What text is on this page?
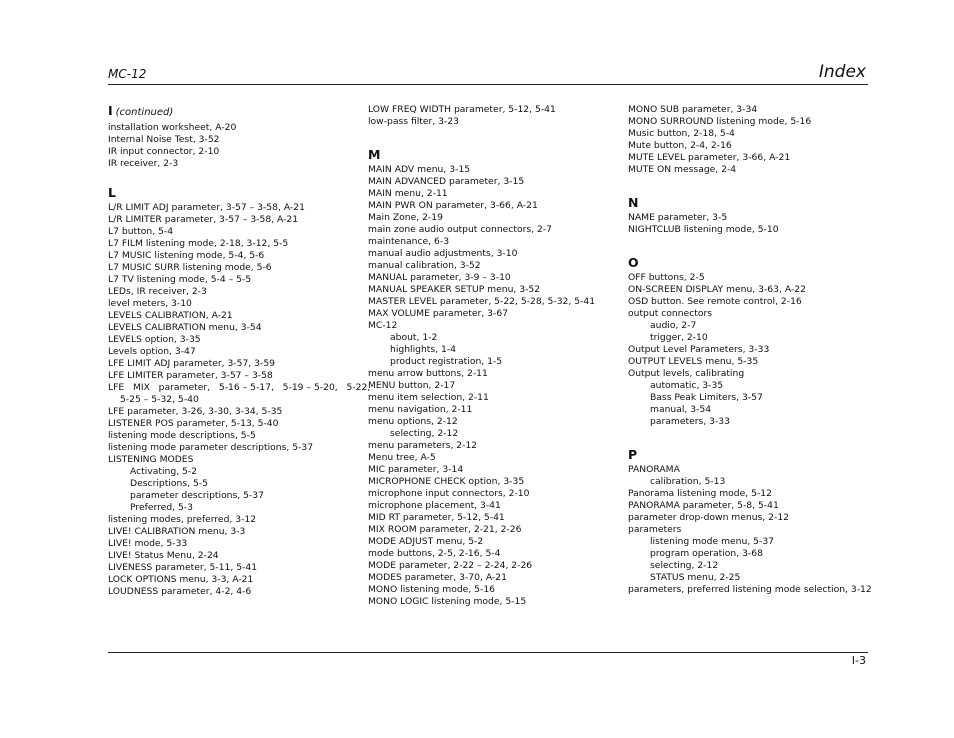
MC-12	Index
I (continued)
installation worksheet, A-20
Internal Noise Test, 3-52
IR input connector, 2-10
IR receiver, 2-3
L
L/R LIMIT ADJ parameter, 3-57 – 3-58, A-21
L/R LIMITER parameter, 3-57 – 3-58, A-21
L7 button, 5-4
L7 FILM listening mode, 2-18, 3-12, 5-5
L7 MUSIC listening mode, 5-4, 5-6
L7 MUSIC SURR listening mode, 5-6
L7 TV listening mode, 5-4 – 5-5
LEDs, IR receiver, 2-3
level meters, 3-10
LEVELS CALIBRATION, A-21
LEVELS CALIBRATION menu, 3-54
LEVELS option, 3-35
Levels option, 3-47
LFE LIMIT ADJ parameter, 3-57, 3-59
LFE LIMITER parameter, 3-57 – 3-58
LFE   MIX   parameter,   5-16 – 5-17,   5-19 – 5-20,   5-22,
5-25 – 5-32, 5-40
LFE parameter, 3-26, 3-30, 3-34, 5-35
LISTENER POS parameter, 5-13, 5-40
listening mode descriptions, 5-5
listening mode parameter descriptions, 5-37
LISTENING MODES
Activating, 5-2
Descriptions, 5-5
parameter descriptions, 5-37
Preferred, 5-3
listening modes, preferred, 3-12
LIVE! CALIBRATION menu, 3-3
LIVE! mode, 5-33
LIVE! Status Menu, 2-24
LIVENESS parameter, 5-11, 5-41
LOCK OPTIONS menu, 3-3, A-21
LOUDNESS parameter, 4-2, 4-6
LOW FREQ WIDTH parameter, 5-12, 5-41
low-pass filter, 3-23
M
MAIN ADV menu, 3-15
MAIN ADVANCED parameter, 3-15
MAIN menu, 2-11
MAIN PWR ON parameter, 3-66, A-21
Main Zone, 2-19
main zone audio output connectors, 2-7
maintenance, 6-3
manual audio adjustments, 3-10
manual calibration, 3-52
MANUAL parameter, 3-9 – 3-10
MANUAL SPEAKER SETUP menu, 3-52
MASTER LEVEL parameter, 5-22, 5-28, 5-32, 5-41
MAX VOLUME parameter, 3-67
MC-12
about, 1-2
highlights, 1-4
product registration, 1-5
menu arrow buttons, 2-11
MENU button, 2-17
menu item selection, 2-11
menu navigation, 2-11
menu options, 2-12
selecting, 2-12
menu parameters, 2-12
Menu tree, A-5
MIC parameter, 3-14
MICROPHONE CHECK option, 3-35
microphone input connectors, 2-10
microphone placement, 3-41
MID RT parameter, 5-12, 5-41
MIX ROOM parameter, 2-21, 2-26
MODE ADJUST menu, 5-2
mode buttons, 2-5, 2-16, 5-4
MODE parameter, 2-22 – 2-24, 2-26
MODES parameter, 3-70, A-21
MONO listening mode, 5-16
MONO LOGIC listening mode, 5-15
MONO SUB parameter, 3-34
MONO SURROUND listening mode, 5-16
Music button, 2-18, 5-4
Mute button, 2-4, 2-16
MUTE LEVEL parameter, 3-66, A-21
MUTE ON message, 2-4
N
NAME parameter, 3-5
NIGHTCLUB listening mode, 5-10
O
OFF buttons, 2-5
ON-SCREEN DISPLAY menu, 3-63, A-22
OSD button. See remote control, 2-16
output connectors
audio, 2-7
trigger, 2-10
Output Level Parameters, 3-33
OUTPUT LEVELS menu, 5-35
Output levels, calibrating
automatic, 3-35
Bass Peak Limiters, 3-57
manual, 3-54
parameters, 3-33
P
PANORAMA
calibration, 5-13
Panorama listening mode, 5-12
PANORAMA parameter, 5-8, 5-41
parameter drop-down menus, 2-12
parameters
listening mode menu, 5-37
program operation, 3-68
selecting, 2-12
STATUS menu, 2-25
parameters, preferred listening mode selection, 3-12
I-3
